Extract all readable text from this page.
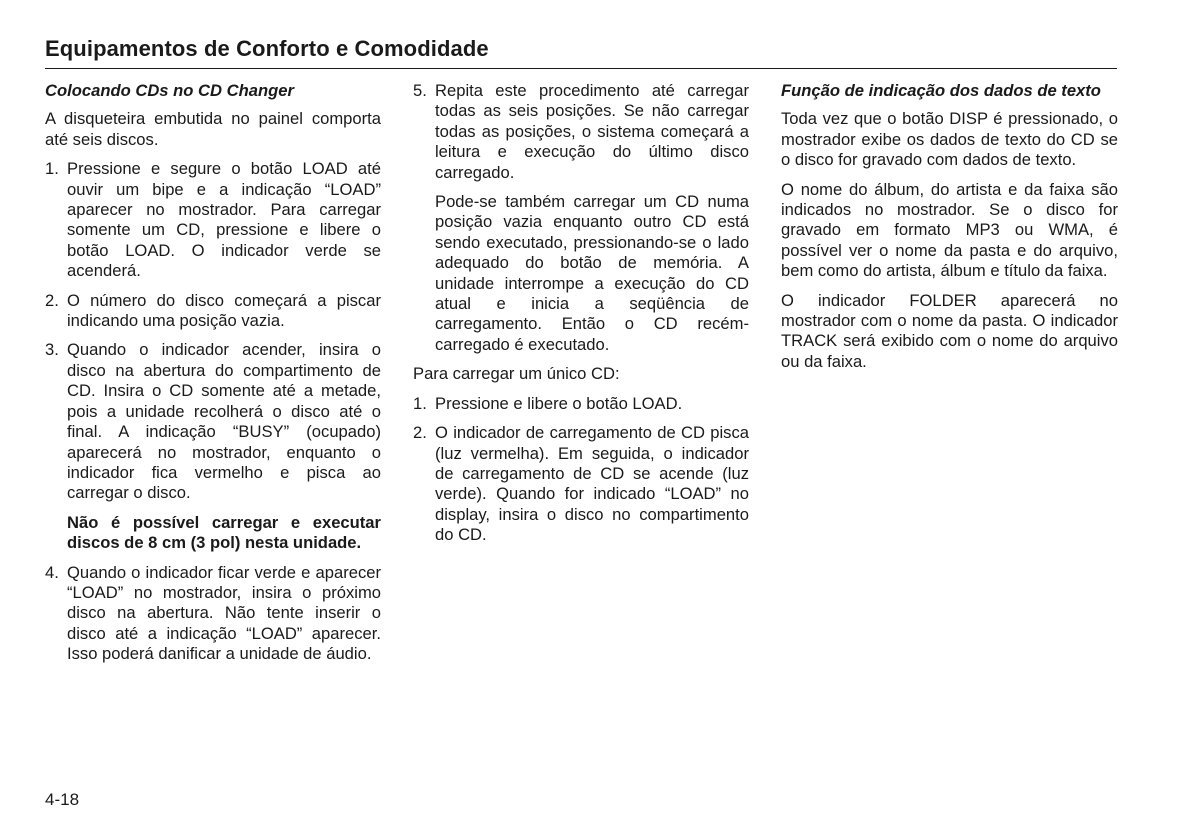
Equipamentos de Conforto e Comodidade
Colocando CDs no CD Changer

A disqueteira embutida no painel comporta até seis discos.

1. Pressione e segure o botão LOAD até ouvir um bipe e a indicação “LOAD” aparecer no mostrador. Para carregar somente um CD, pressione e libere o botão LOAD. O indicador verde se acenderá.
2. O número do disco começará a piscar indicando uma posição vazia.
3. Quando o indicador acender, insira o disco na abertura do compartimento de CD. Insira o CD somente até a metade, pois a unidade recolherá o disco até o final. A indicação “BUSY” (ocupado) aparecerá no mostrador, enquanto o indicador fica vermelho e pisca ao carregar o disco.

Não é possível carregar e executar discos de 8 cm (3 pol) nesta unidade.

4. Quando o indicador ficar verde e aparecer “LOAD” no mostrador, insira o próximo disco na abertura. Não tente inserir o disco até a indicação “LOAD” aparecer. Isso poderá danificar a unidade de áudio.
5. Repita este procedimento até carregar todas as seis posições. Se não carregar todas as posições, o sistema começará a leitura e execução do último disco carregado.

Pode-se também carregar um CD numa posição vazia enquanto outro CD está sendo executado, pressionando-se o lado adequado do botão de memória. A unidade interrompe a execução do CD atual e inicia a seqüência de carregamento. Então o CD recém-carregado é executado.

Para carregar um único CD:

1. Pressione e libere o botão LOAD.
2. O indicador de carregamento de CD pisca (luz vermelha). Em seguida, o indicador de carregamento de CD se acende (luz verde). Quando for indicado “LOAD” no display, insira o disco no compartimento do CD.
Função de indicação dos dados de texto

Toda vez que o botão DISP é pressionado, o mostrador exibe os dados de texto do CD se o disco for gravado com dados de texto.

O nome do álbum, do artista e da faixa são indicados no mostrador. Se o disco for gravado em formato MP3 ou WMA, é possível ver o nome da pasta e do arquivo, bem como do artista, álbum e título da faixa.

O indicador FOLDER aparecerá no mostrador com o nome da pasta. O indicador TRACK será exibido com o nome do arquivo ou da faixa.

4-18
